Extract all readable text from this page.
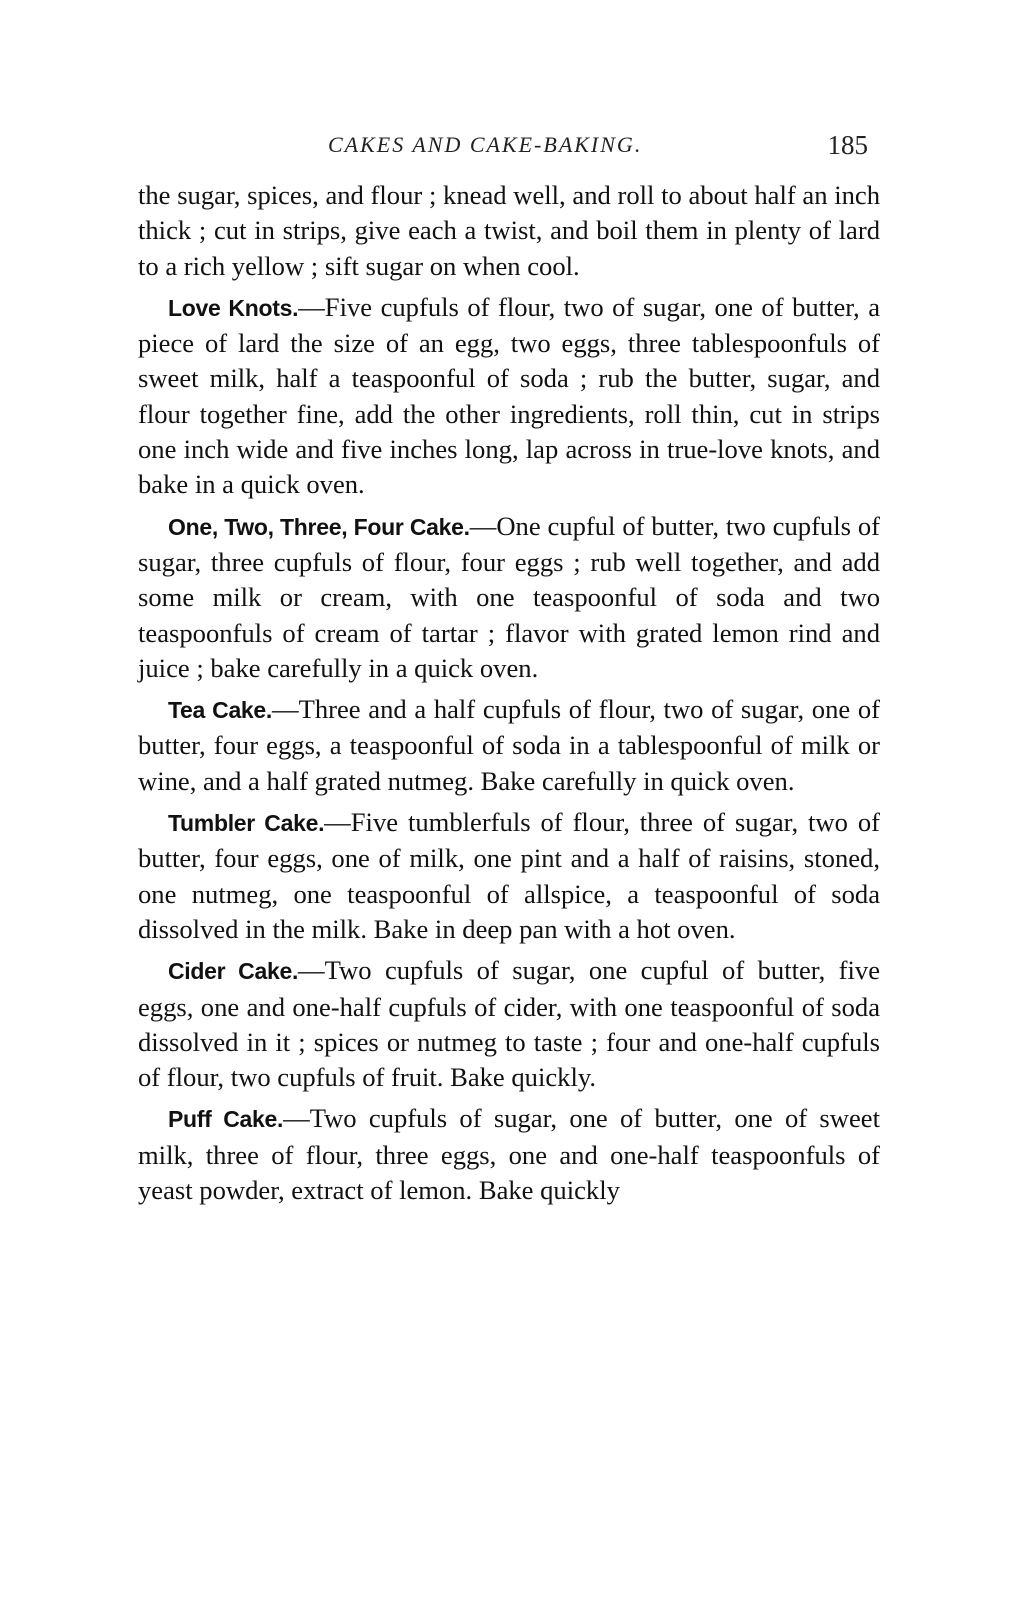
CAKES AND CAKE-BAKING.	185

the sugar, spices, and flour ; knead well, and roll to about half an inch thick ; cut in strips, give each a twist, and boil them in plenty of lard to a rich yellow ; sift sugar on when cool.

Love Knots.—Five cupfuls of flour, two of sugar, one of butter, a piece of lard the size of an egg, two eggs, three tablespoonfuls of sweet milk, half a teaspoonful of soda ; rub the butter, sugar, and flour together fine, add the other ingredients, roll thin, cut in strips one inch wide and five inches long, lap across in true-love knots, and bake in a quick oven.

One, Two, Three, Four Cake.—One cupful of butter, two cupfuls of sugar, three cupfuls of flour, four eggs ; rub well together, and add some milk or cream, with one teaspoonful of soda and two teaspoonfuls of cream of tartar ; flavor with grated lemon rind and juice ; bake carefully in a quick oven.

Tea Cake.—Three and a half cupfuls of flour, two of sugar, one of butter, four eggs, a teaspoonful of soda in a tablespoonful of milk or wine, and a half grated nutmeg. Bake carefully in quick oven.

Tumbler Cake.—Five tumblerfuls of flour, three of sugar, two of butter, four eggs, one of milk, one pint and a half of raisins, stoned, one nutmeg, one teaspoonful of allspice, a teaspoonful of soda dissolved in the milk. Bake in deep pan with a hot oven.

Cider Cake.—Two cupfuls of sugar, one cupful of butter, five eggs, one and one-half cupfuls of cider, with one teaspoonful of soda dissolved in it ; spices or nutmeg to taste ; four and one-half cupfuls of flour, two cupfuls of fruit. Bake quickly.

Puff Cake.—Two cupfuls of sugar, one of butter, one of sweet milk, three of flour, three eggs, one and one-half teaspoonfuls of yeast powder, extract of lemon. Bake quickly
